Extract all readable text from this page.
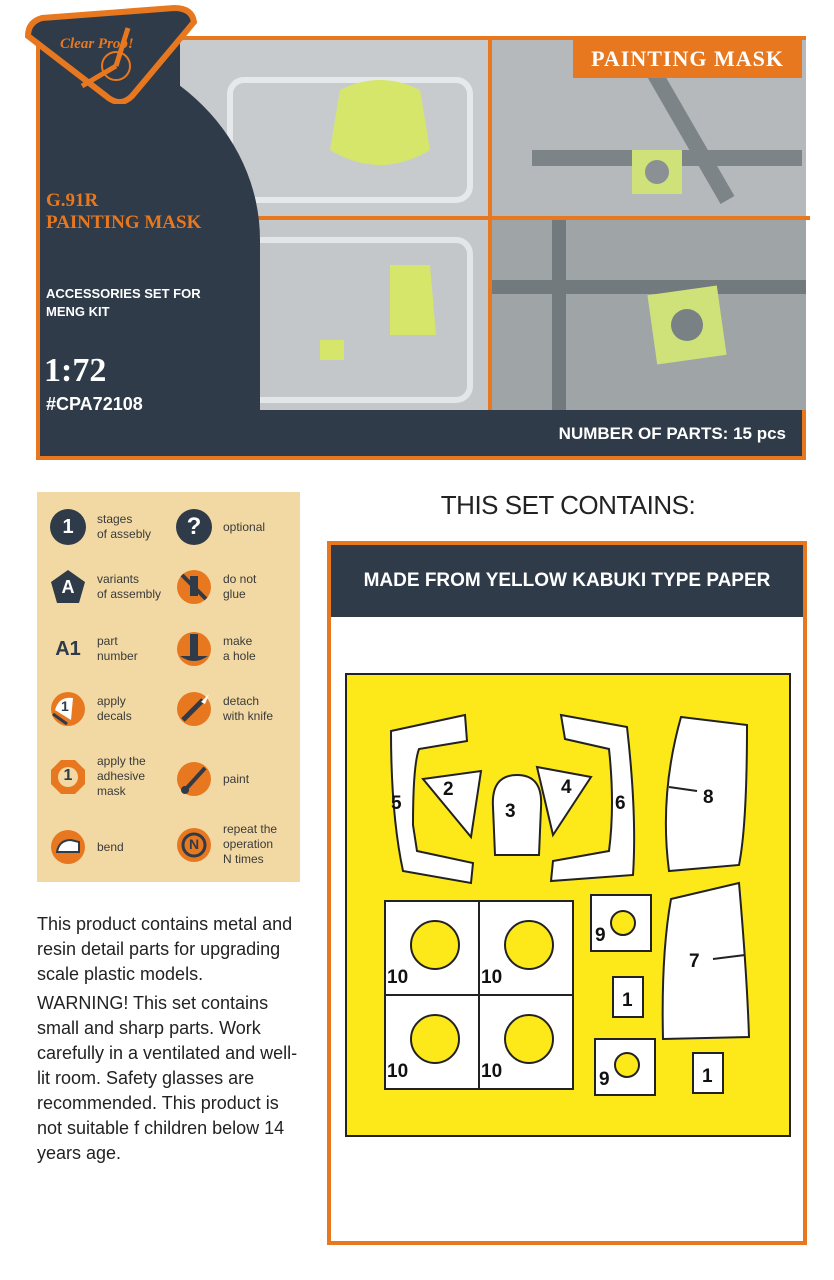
PAINTING MASK
G.91R
PAINTING MASK
ACCESSORIES SET FOR
MENG KIT
1:72
#CPA72108
NUMBER OF PARTS: 15 pcs
Clear Prop!
1	stages
of assebly	?	optional
A	variants
of assembly
do not
glue
A1	part
number
make
a hole
1 apply
decals
detach
with knife
1
apply the
adhesive
mask
paint
bend	N
repeat the
operation
N times

This product contains metal and resin detail parts for upgrading scale plastic models.

WARNING! This set contains small and sharp parts. Work carefully in a ventilated and well-lit room. Safety glasses are recommended. This product is not suitable f children below 14 years age.

THIS SET CONTAINS:
MADE FROM YELLOW KABUKI TYPE PAPER
5
2
3
4
6	8
7
10	10
10	10
9
9
1
1
